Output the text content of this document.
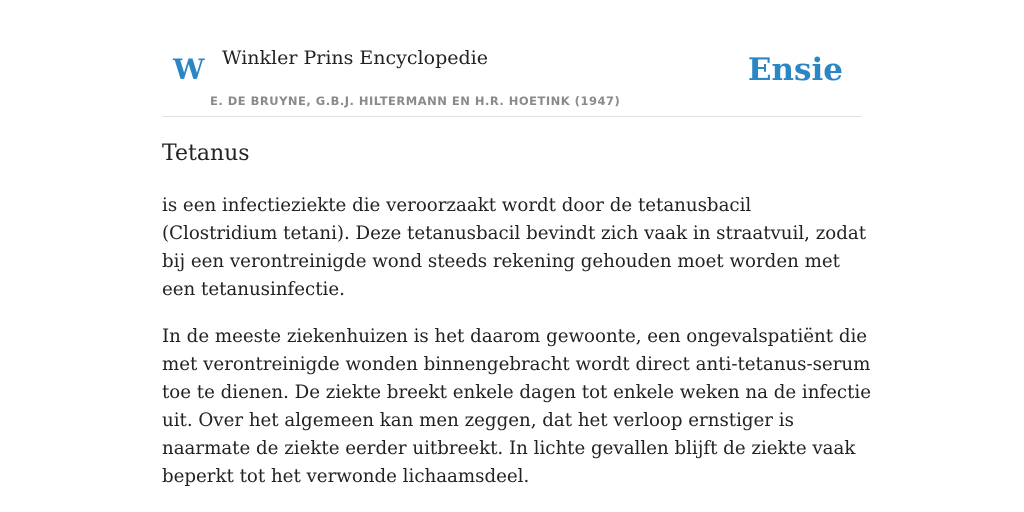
W Winkler Prins Encyclopedie
E. DE BRUYNE, G.B.J. HILTERMANN EN H.R. HOETINK (1947)
Ensie
Tetanus

is een infectieziekte die veroorzaakt wordt door de tetanusbacil (Clostridium tetani). Deze tetanusbacil bevindt zich vaak in straatvuil, zodat bij een verontreinigde wond steeds rekening gehouden moet worden met een tetanusinfectie.

In de meeste ziekenhuizen is het daarom gewoonte, een ongevalspatiënt die met verontreinigde wonden binnengebracht wordt direct anti-tetanus-serum toe te dienen. De ziekte breekt enkele dagen tot enkele weken na de infectie uit. Over het algemeen kan men zeggen, dat het verloop ernstiger is naarmate de ziekte eerder uitbreekt. In lichte gevallen blijft de ziekte vaak beperkt tot het verwonde lichaamsdeel.
